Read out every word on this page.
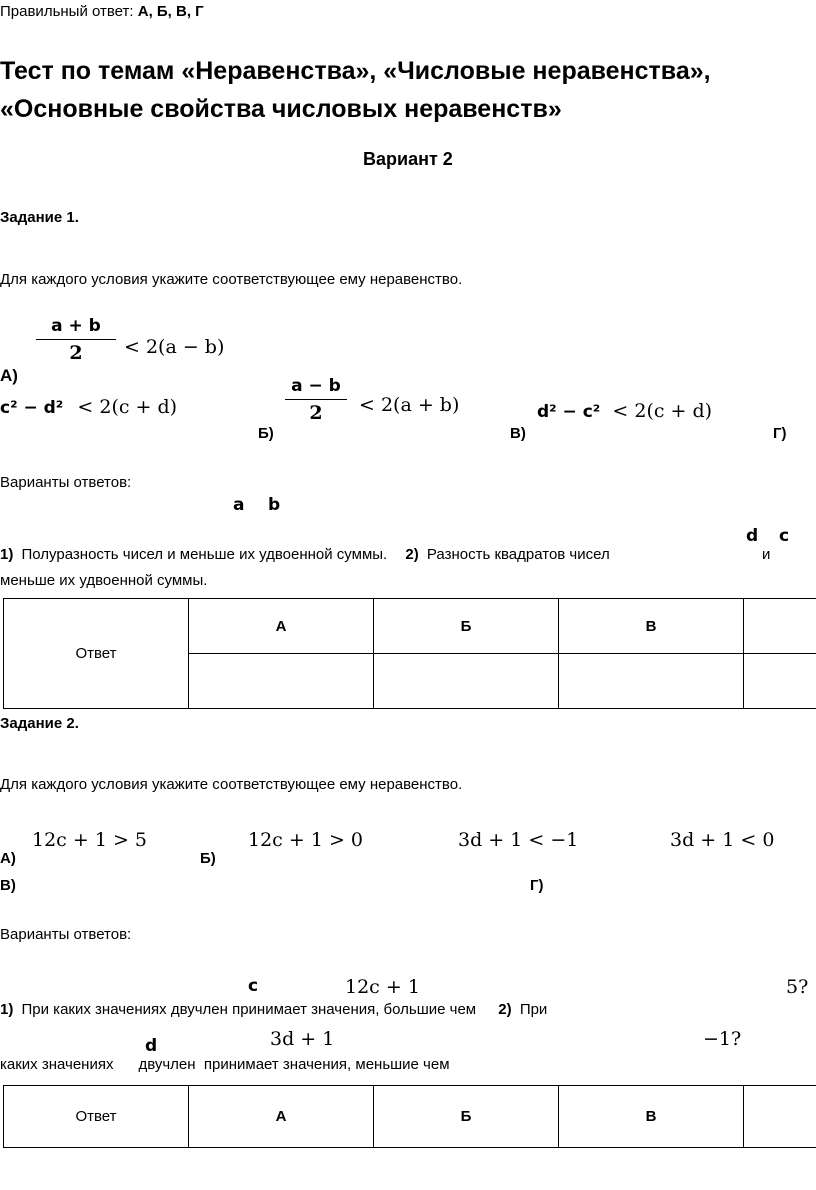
Правильный ответ: А, Б, В, Г
Тест по темам «Неравенства», «Числовые неравенства»,
«Основные свойства числовых неравенств»
Вариант 2
Задание 1.
Для каждого условия укажите соответствующее ему неравенство.
a + b
2	< 2(a − b)
А)
c² − d² < 2(c + d)
Б)
a − b
2	< 2(a + b)
В)
d² − c² < 2(c + d)
Г)
Варианты ответов:
a b
d c
1) Полуразность чисел и меньше их удвоенной суммы. 2) Разность квадратов чисел	и
меньше их удвоенной суммы.
Ответ	А	Б	В	

Задание 2.
Для каждого условия укажите соответствующее ему неравенство.
12c + 1 > 5	12c + 1 > 0	3d + 1 < −1	3d + 1 < 0
А)	Б)
В)	Г)
Варианты ответов:
c	12c + 1	5?
1) При каких значениях двучлен принимает значения, большие чем 2) При
3d + 1	−1?
d
каких значениях      двучлен  принимает значения, меньшие чем
Ответ	А	Б	В	
